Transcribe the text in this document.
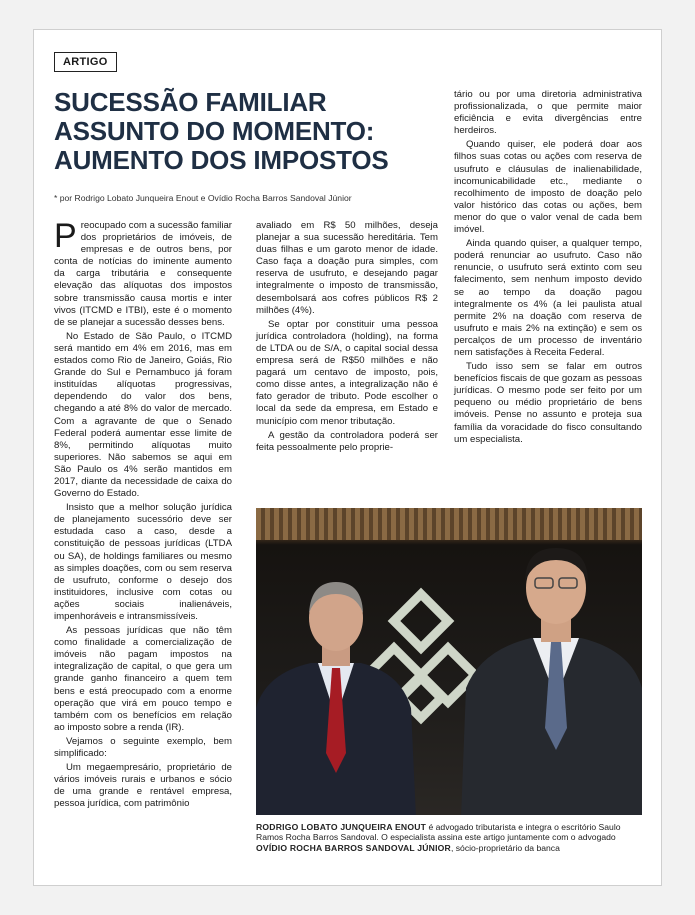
ARTIGO
SUCESSÃO FAMILIAR
ASSUNTO DO MOMENTO:
AUMENTO DOS IMPOSTOS
* por Rodrigo Lobato Junqueira Enout e Ovídio Rocha Barros Sandoval Júnior

Preocupado com a sucessão familiar dos proprietários de imóveis, de empresas e de outros bens, por conta de notícias do iminente aumento da carga tributária e consequente elevação das alíquotas dos impostos sobre transmissão causa mortis e inter vivos (ITCMD e ITBI), este é o momento de se planejar a sucessão desses bens.

No Estado de São Paulo, o ITCMD será mantido em 4% em 2016, mas em estados como Rio de Janeiro, Goiás, Rio Grande do Sul e Pernambuco já foram instituídas alíquotas progressivas, dependendo do valor dos bens, chegando a até 8% do valor de mercado. Com a agravante de que o Senado Federal poderá aumentar esse limite de 8%, permitindo alíquotas muito superiores. Não sabemos se aqui em São Paulo os 4% serão mantidos em 2017, diante da necessidade de caixa do Governo do Estado.

Insisto que a melhor solução jurídica de planejamento sucessório deve ser estudada caso a caso, desde a constituição de pessoas jurídicas (LTDA ou SA), de holdings familiares ou mesmo as simples doações, com ou sem reserva de usufruto, conforme o desejo dos instituidores, inclusive com cotas ou ações sociais inalienáveis, impenhoráveis e intransmissíveis.

As pessoas jurídicas que não têm como finalidade a comercialização de imóveis não pagam impostos na integralização de capital, o que gera um grande ganho financeiro a quem tem bens e está preocupado com a enorme operação que virá em pouco tempo e também com os benefícios em relação ao imposto sobre a renda (IR).

Vejamos o seguinte exemplo, bem simplificado:

Um megaempresário, proprietário de vários imóveis rurais e urbanos e sócio de uma grande e rentável empresa, pessoa jurídica, com patrimônio

avaliado em R$ 50 milhões, deseja planejar a sua sucessão hereditária. Tem duas filhas e um garoto menor de idade. Caso faça a doação pura simples, com reserva de usufruto, e desejando pagar integralmente o imposto de transmissão, desembolsará aos cofres públicos R$ 2 milhões (4%).

Se optar por constituir uma pessoa jurídica controladora (holding), na forma de LTDA ou de S/A, o capital social dessa empresa será de R$50 milhões e não pagará um centavo de imposto, pois, como disse antes, a integralização não é fato gerador de tributo. Pode escolher o local da sede da empresa, em Estado e município com menor tributação.

A gestão da controladora poderá ser feita pessoalmente pelo proprie-

tário ou por uma diretoria administrativa profissionalizada, o que permite maior eficiência e evita divergências entre herdeiros.

Quando quiser, ele poderá doar aos filhos suas cotas ou ações com reserva de usufruto e cláusulas de inalienabilidade, incomunicabilidade etc., mediante o recolhimento de imposto de doação pelo valor histórico das cotas ou ações, bem menor do que o valor venal de cada bem imóvel.

Ainda quando quiser, a qualquer tempo, poderá renunciar ao usufruto. Caso não renuncie, o usufruto será extinto com seu falecimento, sem nenhum imposto devido se ao tempo da doação pagou integralmente os 4% (a lei paulista atual permite 2% na doação com reserva de usufruto e mais 2% na extinção) e sem os percalços de um processo de inventário nem satisfações à Receita Federal.

Tudo isso sem se falar em outros benefícios fiscais de que gozam as pessoas jurídicas. O mesmo pode ser feito por um pequeno ou médio proprietário de bens imóveis. Pense no assunto e proteja sua família da voracidade do fisco consultando um especialista.

RODRIGO LOBATO JUNQUEIRA ENOUT é advogado tributarista e integra o escritório Saulo Ramos Rocha Barros Sandoval. O especialista assina este artigo juntamente com o advogado OVÍDIO ROCHA BARROS SANDOVAL JÚNIOR, sócio-proprietário da banca
